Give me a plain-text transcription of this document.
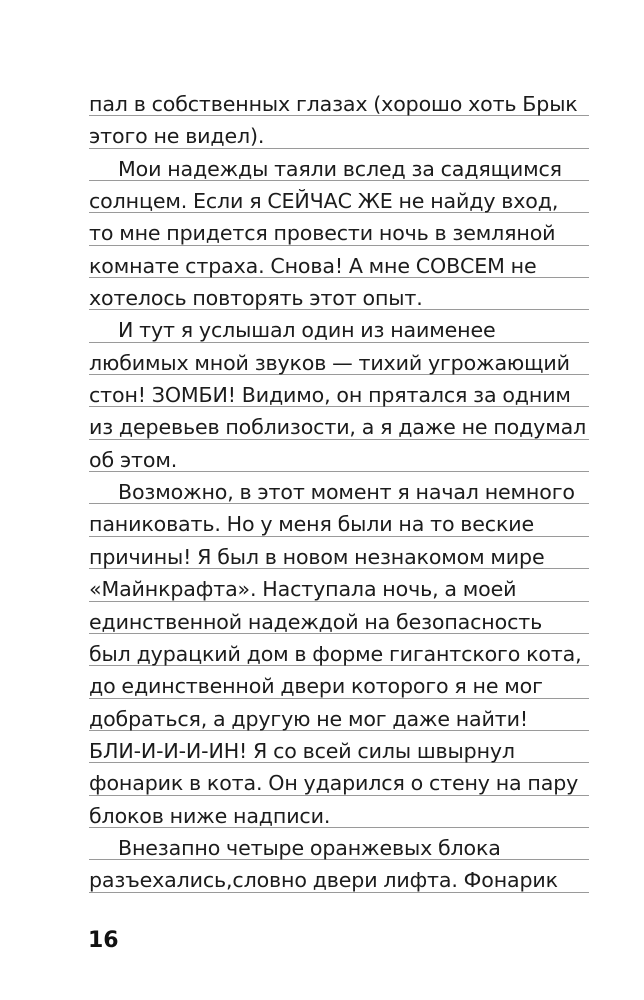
пал в собственных глазах (хорошо хоть Брык
этого не видел).
Мои надежды таяли вслед за садящимся
солнцем. Если я СЕЙЧАС ЖЕ не найду вход,
то мне придется провести ночь в земляной
комнате страха. Снова! А мне СОВСЕМ не
хотелось повторять этот опыт.
И тут я услышал один из наименее
любимых мной звуков — тихий угрожающий
стон! ЗОМБИ! Видимо, он прятался за одним
из деревьев поблизости, а я даже не подумал
об этом.
Возможно, в этот момент я начал немного
паниковать. Но у меня были на то веские
причины! Я был в новом незнакомом мире
«Майнкрафта». Наступала ночь, а моей
единственной надеждой на безопасность
был дурацкий дом в форме гигантского кота,
до единственной двери которого я не мог
добраться, а другую не мог даже найти!
БЛИ-И-И-И-ИН! Я со всей силы швырнул
фонарик в кота. Он ударился о стену на пару
блоков ниже надписи.
Внезапно четыре оранжевых блока
разъехались,словно двери лифта. Фонарик
16
